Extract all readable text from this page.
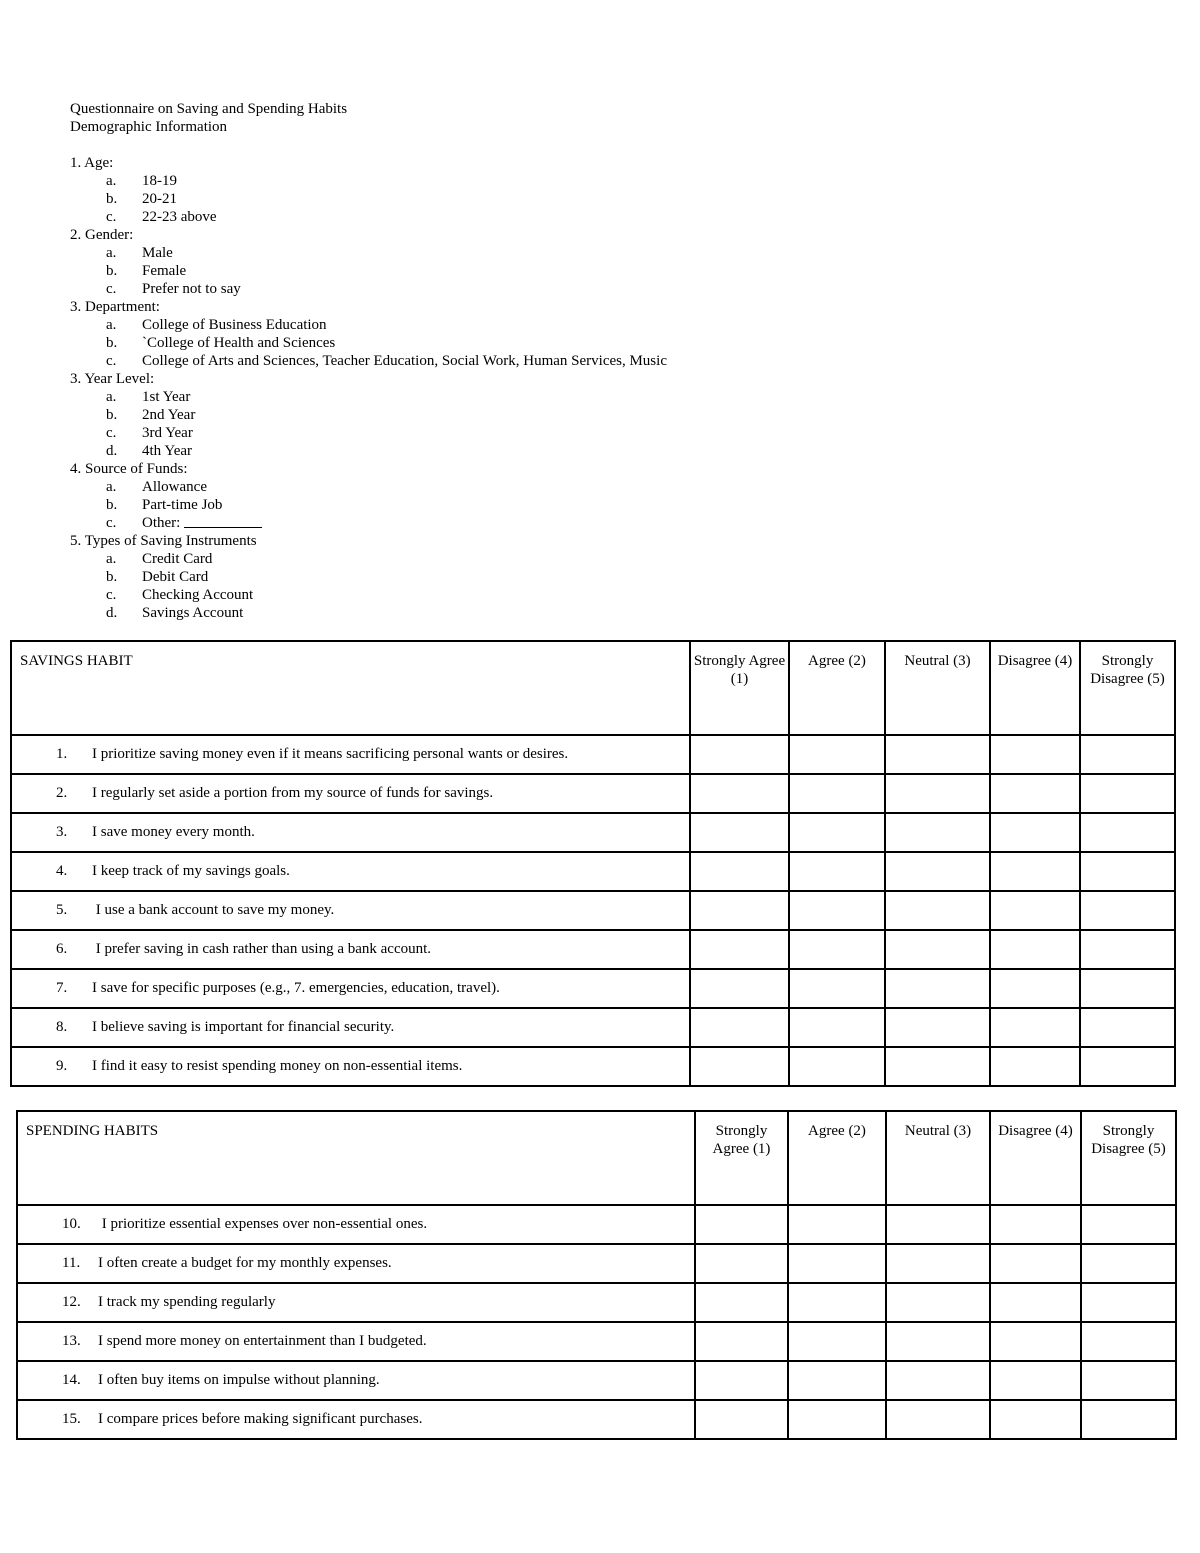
Questionnaire on Saving and Spending Habits
Demographic Information
1. Age:
a.	18-19
b.	20-21
c.	22-23 above
2. Gender:
a.	Male
b.	Female
c.	Prefer not to say
3. Department:
a.	College of Business Education
b.	`College of Health and Sciences
c.	College of Arts and Sciences, Teacher Education, Social Work, Human Services, Music
3. Year Level:
a.	1st Year
b.	2nd Year
c.	3rd Year
d.	4th Year
4. Source of Funds:
a.	Allowance
b.	Part-time Job
c.	Other:
5. Types of Saving Instruments
a.	Credit Card
b.	Debit Card
c.	Checking Account
d.	Savings Account
SAVINGS HABIT	Strongly Agree (1)	Agree (2)	Neutral (3)	Disagree (4)	Strongly Disagree (5)
1. I prioritize saving money even if it means sacrificing personal wants or desires.					
2. I regularly set aside a portion from my source of funds for savings.					
3. I save money every month.					
4. I keep track of my savings goals.					
5. I use a bank account to save my money.					
6. I prefer saving in cash rather than using a bank account.					
7. I save for specific purposes (e.g., 7. emergencies, education, travel).					
8. I believe saving is important for financial security.					
9. I find it easy to resist spending money on non-essential items.					
SPENDING HABITS	Strongly Agree (1)	Agree (2)	Neutral (3)	Disagree (4)	Strongly Disagree (5)
10. I prioritize essential expenses over non-essential ones.					
11. I often create a budget for my monthly expenses.					
12. I track my spending regularly					
13. I spend more money on entertainment than I budgeted.					
14. I often buy items on impulse without planning.					
15. I compare prices before making significant purchases.					
